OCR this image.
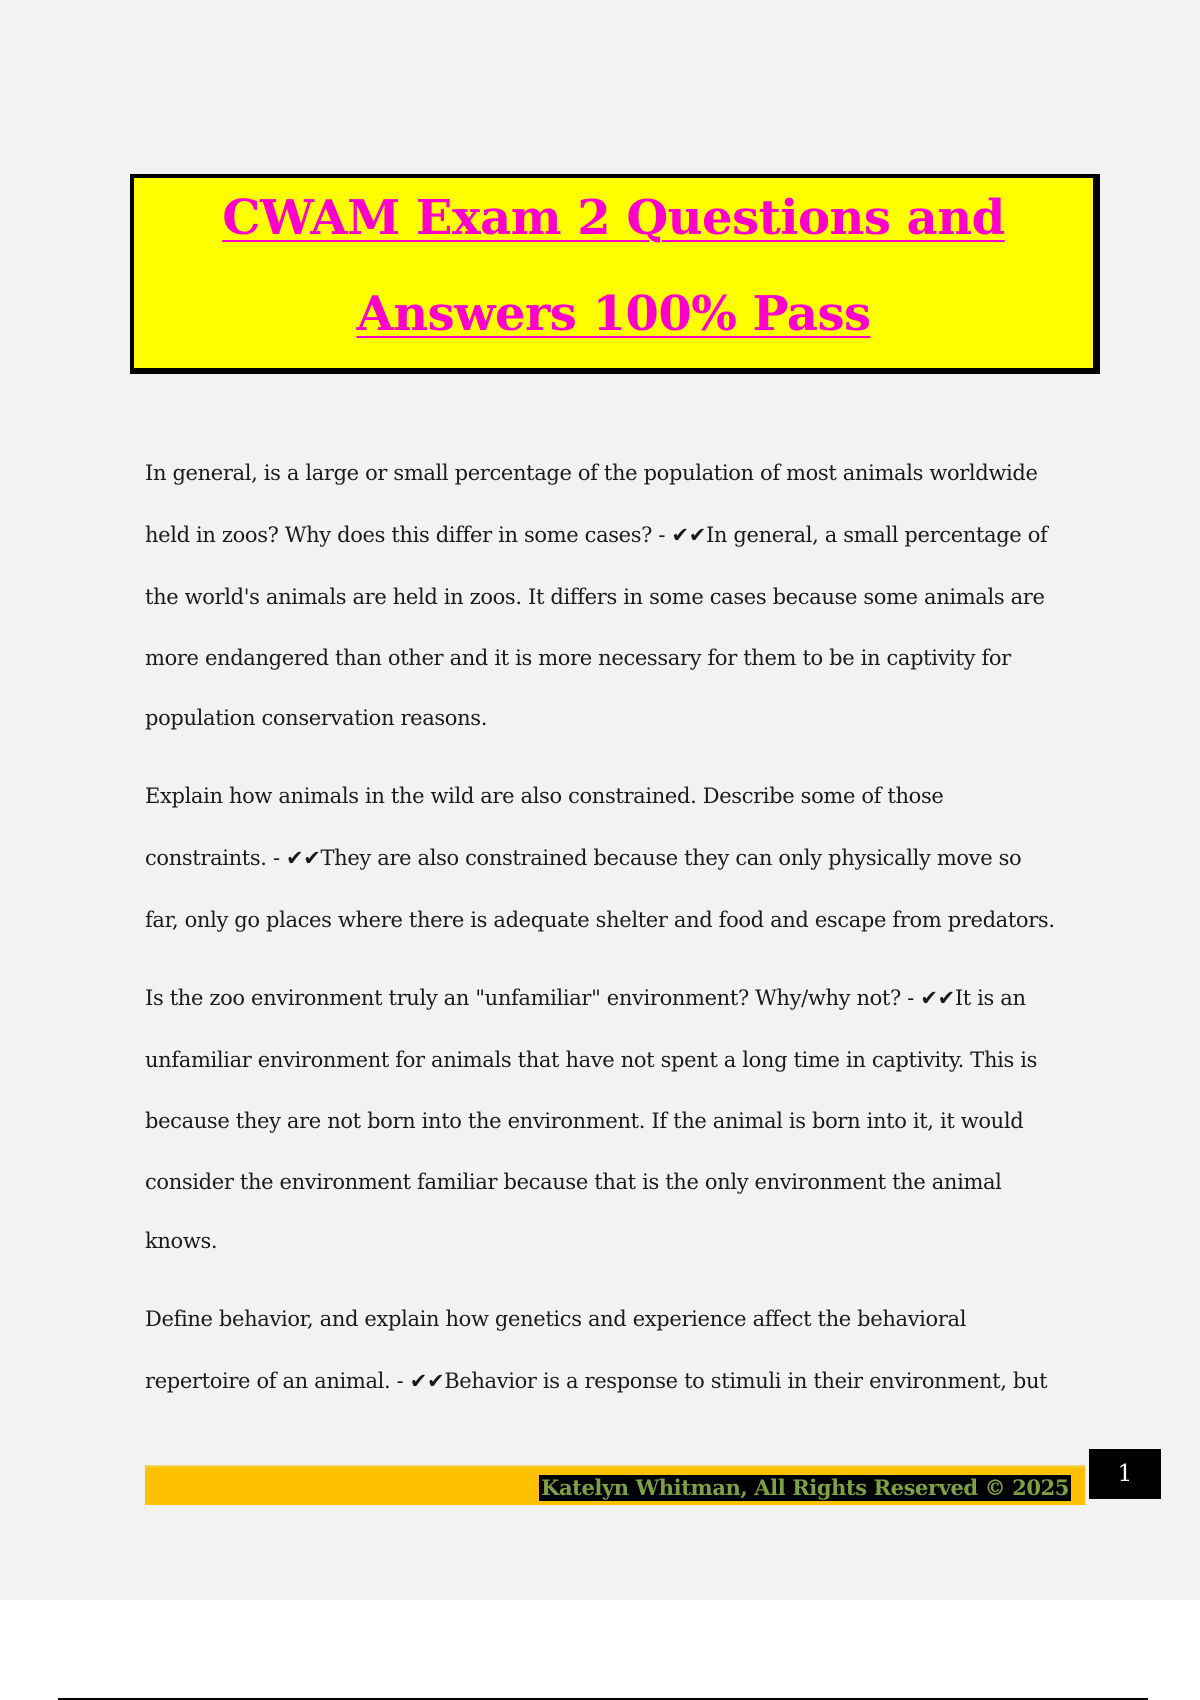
CWAM Exam 2 Questions and
Answers 100% Pass
In general, is a large or small percentage of the population of most animals worldwide
held in zoos? Why does this differ in some cases? - ✔✔In general, a small percentage of
the world's animals are held in zoos. It differs in some cases because some animals are
more endangered than other and it is more necessary for them to be in captivity for
population conservation reasons.
Explain how animals in the wild are also constrained. Describe some of those
constraints. - ✔✔They are also constrained because they can only physically move so
far, only go places where there is adequate shelter and food and escape from predators.
Is the zoo environment truly an "unfamiliar" environment? Why/why not? - ✔✔It is an
unfamiliar environment for animals that have not spent a long time in captivity. This is
because they are not born into the environment. If the animal is born into it, it would
consider the environment familiar because that is the only environment the animal
knows.
Define behavior, and explain how genetics and experience affect the behavioral
repertoire of an animal. - ✔✔Behavior is a response to stimuli in their environment, but
Katelyn Whitman, All Rights Reserved © 2025
1
